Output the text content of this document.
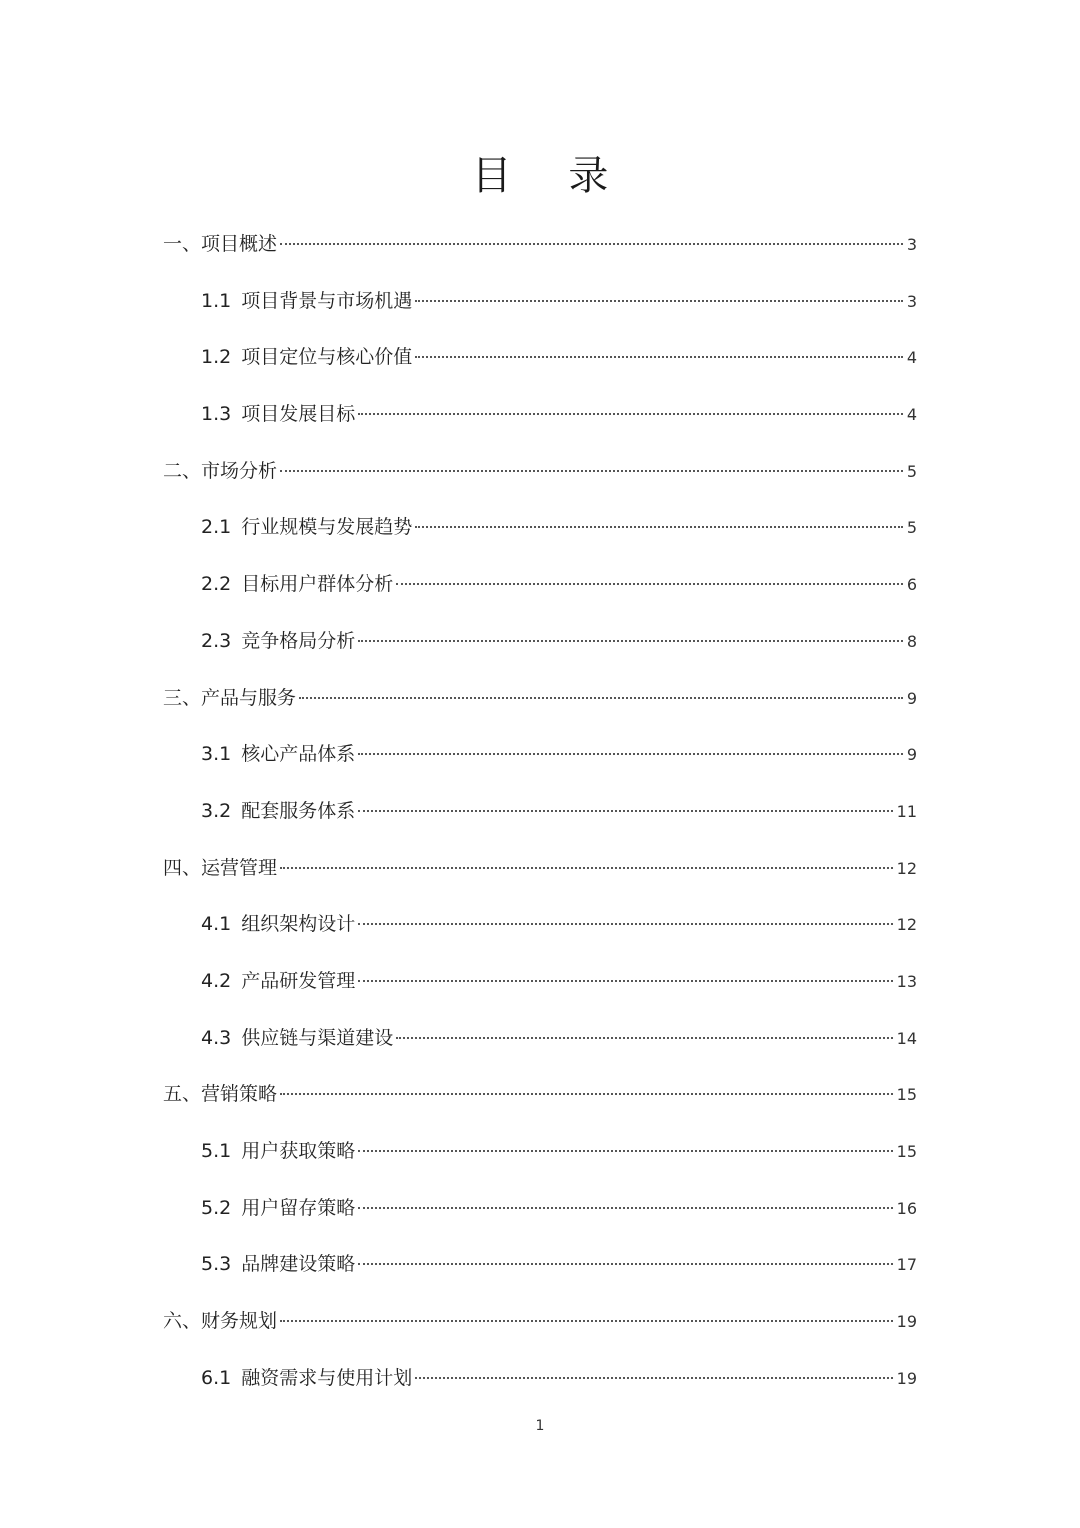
目 录
一、项目概述	3
1.1 项目背景与市场机遇	3
1.2 项目定位与核心价值	4
1.3 项目发展目标	4
二、市场分析	5
2.1 行业规模与发展趋势	5
2.2 目标用户群体分析	6
2.3 竞争格局分析	8
三、产品与服务	9
3.1 核心产品体系	9
3.2 配套服务体系	11
四、运营管理	12
4.1 组织架构设计	12
4.2 产品研发管理	13
4.3 供应链与渠道建设	14
五、营销策略	15
5.1 用户获取策略	15
5.2 用户留存策略	16
5.3 品牌建设策略	17
六、财务规划	19
6.1 融资需求与使用计划	19
1
